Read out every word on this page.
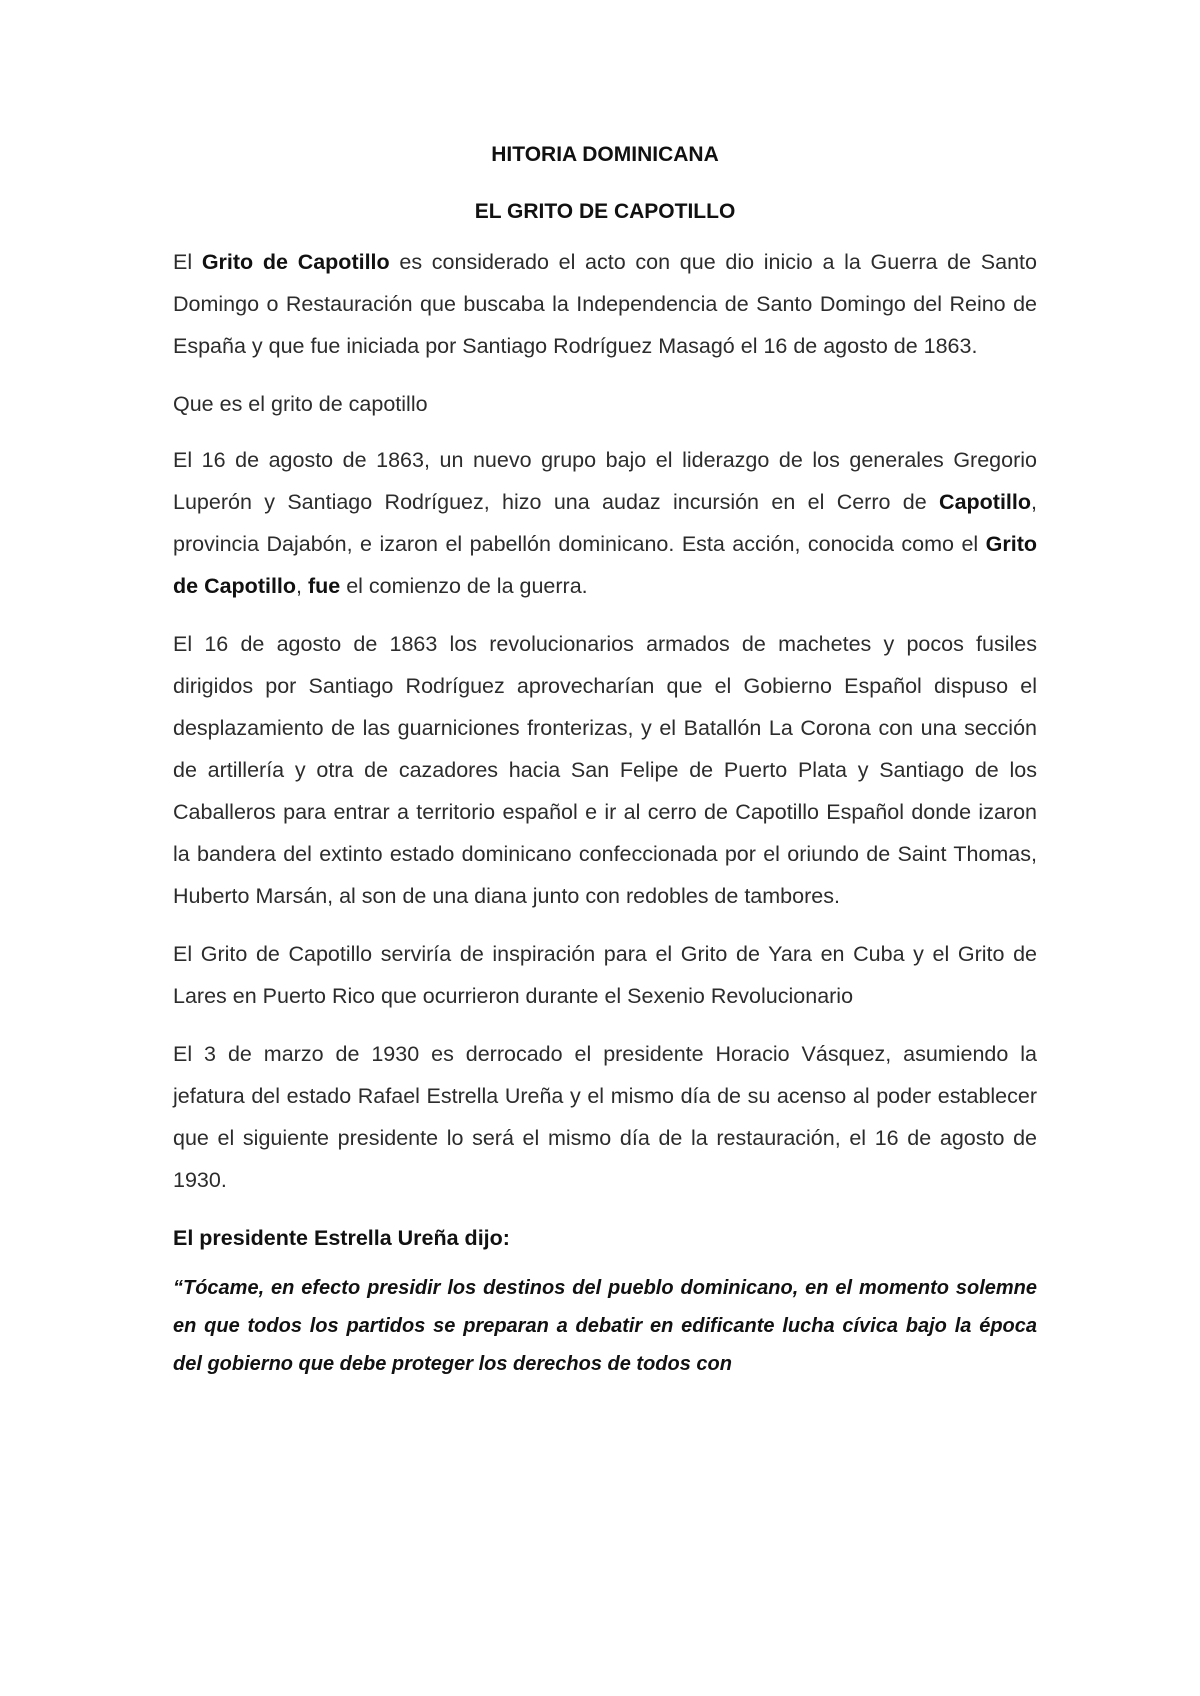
HITORIA DOMINICANA
EL GRITO DE CAPOTILLO

El Grito de Capotillo es considerado el acto con que dio inicio a la Guerra de Santo Domingo o Restauración que buscaba la Independencia de Santo Domingo del Reino de España y que fue iniciada por Santiago Rodríguez Masagó el 16 de agosto de 1863.

Que es el grito de capotillo

El 16 de agosto de 1863, un nuevo grupo bajo el liderazgo de los generales Gregorio Luperón y Santiago Rodríguez, hizo una audaz incursión en el Cerro de Capotillo, provincia Dajabón, e izaron el pabellón dominicano. Esta acción, conocida como el Grito de Capotillo, fue el comienzo de la guerra.

El 16 de agosto de 1863 los revolucionarios armados de machetes y pocos fusiles dirigidos por Santiago Rodríguez aprovecharían que el Gobierno Español dispuso el desplazamiento de las guarniciones fronterizas, y el Batallón La Corona con una sección de artillería y otra de cazadores hacia San Felipe de Puerto Plata y Santiago de los Caballeros para entrar a territorio español e ir al cerro de Capotillo Español donde izaron la bandera del extinto estado dominicano confeccionada por el oriundo de Saint Thomas, Huberto Marsán, al son de una diana junto con redobles de tambores.

El Grito de Capotillo serviría de inspiración para el Grito de Yara en Cuba y el Grito de Lares en Puerto Rico que ocurrieron durante el Sexenio Revolucionario

El 3 de marzo de 1930 es derrocado el presidente Horacio Vásquez, asumiendo la jefatura del estado Rafael Estrella Ureña y el mismo día de su acenso al poder establecer que el siguiente presidente lo será el mismo día de la restauración, el 16 de agosto de 1930.

El presidente Estrella Ureña dijo:
“Tócame, en efecto presidir los destinos del pueblo dominicano, en el momento solemne en que todos los partidos se preparan a debatir en edificante lucha cívica bajo la época del gobierno que debe proteger los derechos de todos con
